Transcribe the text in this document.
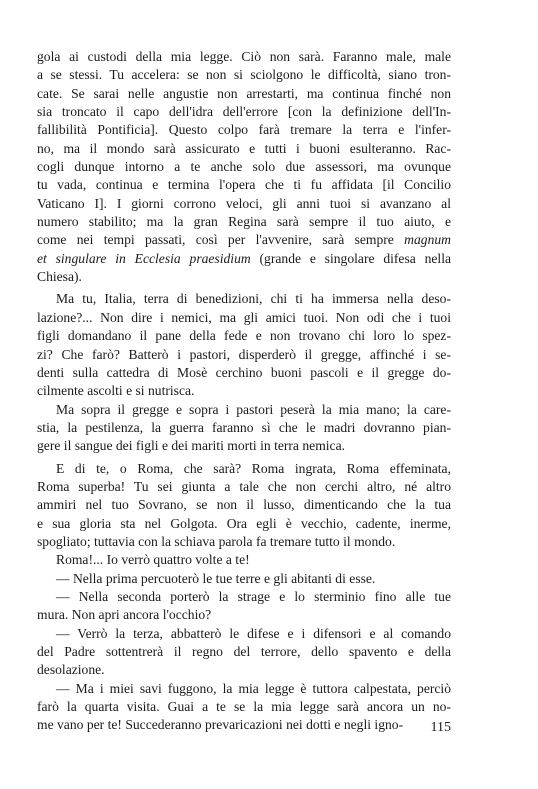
gola ai custodi della mia legge. Ciò non sarà. Faranno male, male
a se stessi. Tu accelera: se non si sciolgono le difficoltà, siano tron-
cate. Se sarai nelle angustie non arrestarti, ma continua finché non
sia troncato il capo dell'idra dell'errore [con la definizione dell'In-
fallibilità Pontificia]. Questo colpo farà tremare la terra e l'infer-
no, ma il mondo sarà assicurato e tutti i buoni esulteranno. Rac-
cogli dunque intorno a te anche solo due assessori, ma ovunque
tu vada, continua e termina l'opera che ti fu affidata [il Concilio
Vaticano I]. I giorni corrono veloci, gli anni tuoi si avanzano al
numero stabilito; ma la gran Regina sarà sempre il tuo aiuto, e
come nei tempi passati, così per l'avvenire, sarà sempre magnum
et singulare in Ecclesia praesidium (grande e singolare difesa nella
Chiesa).
Ma tu, Italia, terra di benedizioni, chi ti ha immersa nella deso-
lazione?... Non dire i nemici, ma gli amici tuoi. Non odi che i tuoi
figli domandano il pane della fede e non trovano chi loro lo spez-
zi? Che farò? Batterò i pastori, disperderò il gregge, affinché i se-
denti sulla cattedra di Mosè cerchino buoni pascoli e il gregge do-
cilmente ascolti e si nutrisca.
Ma sopra il gregge e sopra i pastori peserà la mia mano; la care-
stia, la pestilenza, la guerra faranno sì che le madri dovranno pian-
gere il sangue dei figli e dei mariti morti in terra nemica.
E di te, o Roma, che sarà? Roma ingrata, Roma effeminata,
Roma superba! Tu sei giunta a tale che non cerchi altro, né altro
ammiri nel tuo Sovrano, se non il lusso, dimenticando che la tua
e sua gloria sta nel Golgota. Ora egli è vecchio, cadente, inerme,
spogliato; tuttavia con la schiava parola fa tremare tutto il mondo.
Roma!... Io verrò quattro volte a te!
— Nella prima percuoterò le tue terre e gli abitanti di esse.
— Nella seconda porterò la strage e lo sterminio fino alle tue
mura. Non apri ancora l'occhio?
— Verrò la terza, abbatterò le difese e i difensori e al comando
del Padre sottentrerà il regno del terrore, dello spavento e della
desolazione.
— Ma i miei savi fuggono, la mia legge è tuttora calpestata, perciò
farò la quarta visita. Guai a te se la mia legge sarà ancora un no-
me vano per te! Succederanno prevaricazioni nei dotti e negli igno-	115
